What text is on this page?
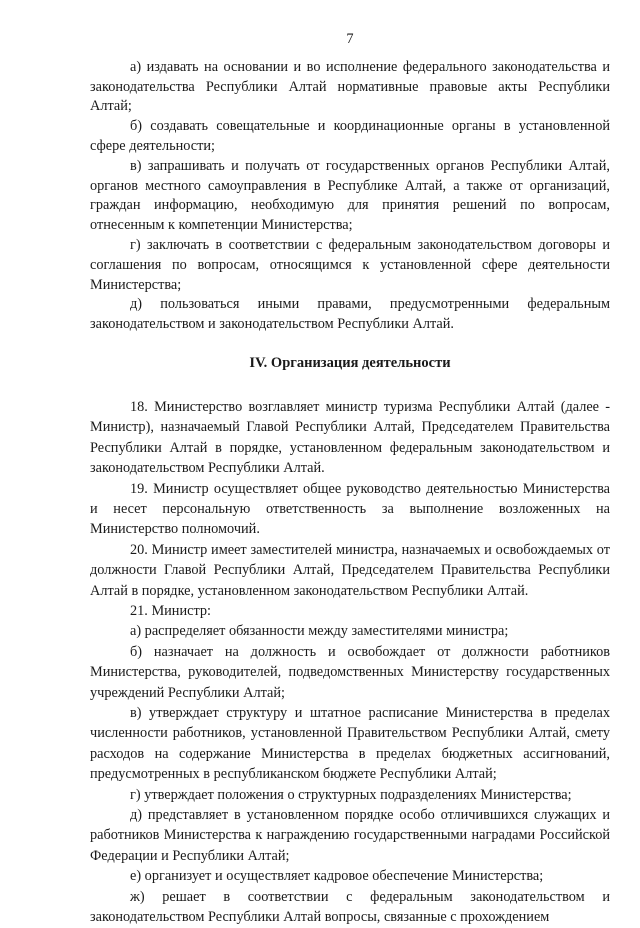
7

а) издавать на основании и во исполнение федерального законодательства и законодательства Республики Алтай нормативные правовые акты Республики Алтай;

б) создавать совещательные и координационные органы в установленной сфере деятельности;

в) запрашивать и получать от государственных органов Республики Алтай, органов местного самоуправления в Республике Алтай, а также от организаций, граждан информацию, необходимую для принятия решений по вопросам, отнесенным к компетенции Министерства;

г) заключать в соответствии с федеральным законодательством договоры и соглашения по вопросам, относящимся к установленной сфере деятельности Министерства;

д) пользоваться иными правами, предусмотренными федеральным законодательством и законодательством Республики Алтай.

IV. Организация деятельности

18. Министерство возглавляет министр туризма Республики Алтай (далее - Министр), назначаемый Главой Республики Алтай, Председателем Правительства Республики Алтай в порядке, установленном федеральным законодательством и законодательством Республики Алтай.

19. Министр осуществляет общее руководство деятельностью Министерства и несет персональную ответственность за выполнение возложенных на Министерство полномочий.

20. Министр имеет заместителей министра, назначаемых и освобождаемых от должности Главой Республики Алтай, Председателем Правительства Республики Алтай в порядке, установленном законодательством Республики Алтай.

21. Министр:

а) распределяет обязанности между заместителями министра;

б) назначает на должность и освобождает от должности работников Министерства, руководителей, подведомственных Министерству государственных учреждений Республики Алтай;

в) утверждает структуру и штатное расписание Министерства в пределах численности работников, установленной Правительством Республики Алтай, смету расходов на содержание Министерства в пределах бюджетных ассигнований, предусмотренных в республиканском бюджете Республики Алтай;

г) утверждает положения о структурных подразделениях Министерства;

д) представляет в установленном порядке особо отличившихся служащих и работников Министерства к награждению государственными наградами Российской Федерации и Республики Алтай;

е) организует и осуществляет кадровое обеспечение Министерства;

ж) решает в соответствии с федеральным законодательством и законодательством Республики Алтай вопросы, связанные с прохождением
